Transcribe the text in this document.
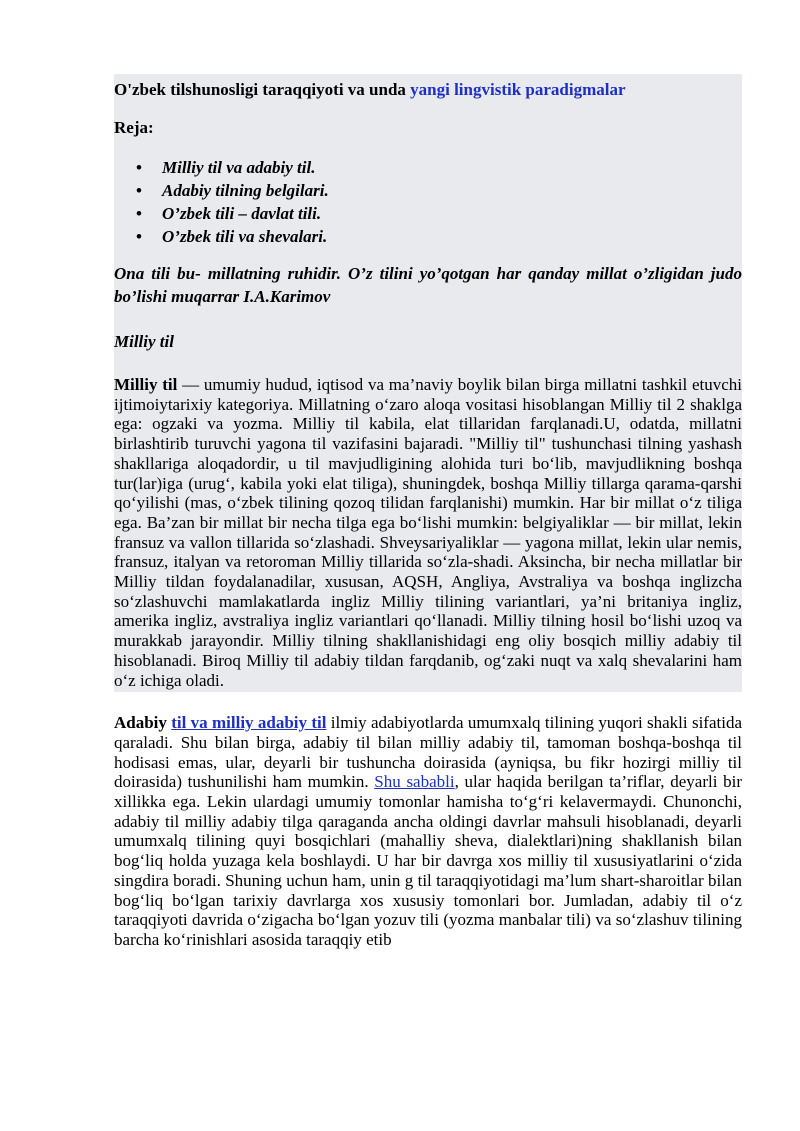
O'zbek tilshunosligi taraqqiyoti va unda yangi lingvistik paradigmalar

Reja:

• Milliy til va adabiy til.
• Adabiy tilning belgilari.
• O’zbek tili – davlat tili.
• O’zbek tili va shevalari.
Ona tili bu- millatning ruhidir. O’z tilini yo’qotgan har qanday millat o’zligidan judo bo’lishi muqarrar I.A.Karimov
Milliy til
Milliy til — umumiy hudud, iqtisod va ma’naviy boylik bilan birga millatni tashkil etuvchi ijtimoiytarixiy kategoriya. Millatning oʻzaro aloqa vositasi hisoblangan Milliy til 2 shaklga ega: ogzaki va yozma. Milliy til kabila, elat tillaridan farqlanadi.U, odatda, millatni birlashtirib turuvchi yagona til vazifasini bajaradi. "Milliy til" tushunchasi tilning yashash shakllariga aloqadordir, u til mavjudligining alohida turi boʻlib, mavjudlikning boshqa tur(lar)iga (urugʻ, kabila yoki elat tiliga), shuningdek, boshqa Milliy tillarga qarama-qarshi qoʻyilishi (mas, oʻzbek tilining qozoq tilidan farqlanishi) mumkin. Har bir millat oʻz tiliga ega. Ba’zan bir millat bir necha tilga ega boʻlishi mumkin: belgiyaliklar — bir millat, lekin fransuz va vallon tillarida soʻzlashadi. Shveysariyaliklar — yagona millat, lekin ular nemis, fransuz, italyan va retoroman Milliy tillarida soʻzla-shadi. Aksincha, bir necha millatlar bir Milliy tildan foydalanadilar, xususan, AQSH, Angliya, Avstraliya va boshqa inglizcha soʻzlashuvchi mamlakatlarda ingliz Milliy tilining variantlari, ya’ni britaniya ingliz, amerika ingliz, avstraliya ingliz variantlari qoʻllanadi. Milliy tilning hosil boʻlishi uzoq va murakkab jarayondir. Milliy tilning shakllanishidagi eng oliy bosqich milliy adabiy til hisoblanadi. Biroq Milliy til adabiy tildan farqdanib, ogʻzaki nuqt va xalq shevalarini ham oʻz ichiga oladi.
Adabiy til va milliy adabiy til ilmiy adabiyotlarda umumxalq tilining yuqori shakli sifatida qaraladi. Shu bilan birga, adabiy til bilan milliy adabiy til, tamoman boshqa-boshqa til hodisasi emas, ular, deyarli bir tushuncha doirasida (ayniqsa, bu fikr hozirgi milliy til doirasida) tushunilishi ham mumkin. Shu sababli, ular haqida berilgan ta’riflar, deyarli bir xillikka ega. Lekin ulardagi umumiy tomonlar hamisha toʻgʻri kelavermaydi. Chunonchi, adabiy til milliy adabiy tilga qaraganda ancha oldingi davrlar mahsuli hisoblanadi, deyarli umumxalq tilining quyi bosqichlari (mahalliy sheva, dialektlari)ning shakllanish bilan bogʻliq holda yuzaga kela boshlaydi. U har bir davrga xos milliy til xususiyatlarini oʻzida singdira boradi. Shuning uchun ham, unin g til taraqqiyotidagi ma’lum shart-sharoitlar bilan bogʻliq boʻlgan tarixiy davrlarga xos xususiy tomonlari bor. Jumladan, adabiy til oʻz taraqqiyoti davrida oʻzigacha boʻlgan yozuv tili (yozma manbalar tili) va soʻzlashuv tilining barcha koʻrinishlari asosida taraqqiy etib
